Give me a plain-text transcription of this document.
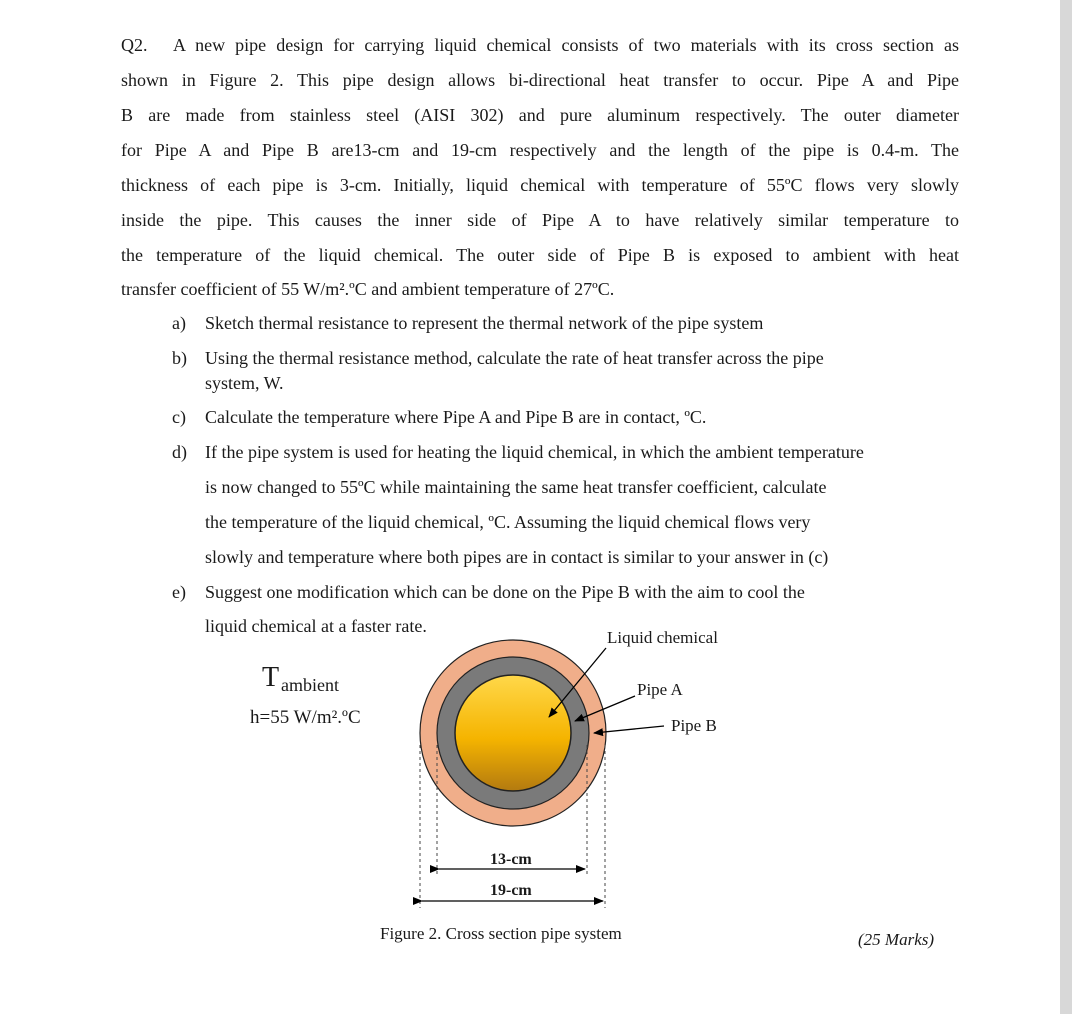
Q2. A new pipe design for carrying liquid chemical consists of two materials with its cross section as
shown in Figure 2. This pipe design allows bi-directional heat transfer to occur. Pipe A and Pipe
B are made from stainless steel (AISI 302) and pure aluminum respectively. The outer diameter
for Pipe A and Pipe B are13-cm and 19-cm respectively and the length of the pipe is 0.4-m. The
thickness of each pipe is 3-cm. Initially, liquid chemical with temperature of 55ºC flows very slowly
inside the pipe. This causes the inner side of Pipe A to have relatively similar temperature to
the temperature of the liquid chemical. The outer side of Pipe B is exposed to ambient with heat
transfer coefficient of 55 W/m².ºC and ambient temperature of 27ºC.
a) Sketch thermal resistance to represent the thermal network of the pipe system
b) Using the thermal resistance method, calculate the rate of heat transfer across the pipe
system, W.
c) Calculate the temperature where Pipe A and Pipe B are in contact, ºC.
d) If the pipe system is used for heating the liquid chemical, in which the ambient temperature
is now changed to 55ºC while maintaining the same heat transfer coefficient, calculate
the temperature of the liquid chemical, ºC. Assuming the liquid chemical flows very
slowly and temperature where both pipes are in contact is similar to your answer in (c)
e) Suggest one modification which can be done on the Pipe B with the aim to cool the
liquid chemical at a faster rate.
T ambient
h=55 W/m².ºC
Liquid chemical
Pipe A
Pipe B
13-cm
19-cm
Figure 2. Cross section pipe system	(25 Marks)
